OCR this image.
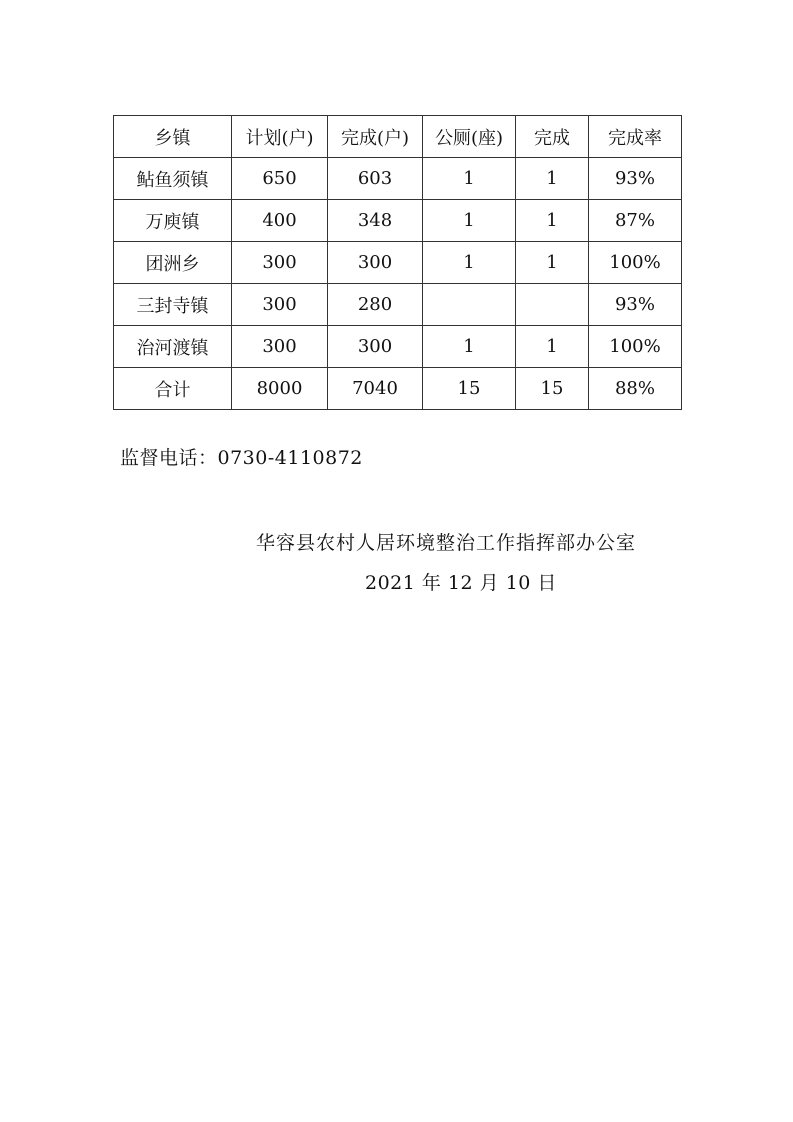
乡镇	计划(户)	完成(户)	公厕(座)	完成	完成率
鲇鱼须镇	650	603	1	1	93%
万庾镇	400	348	1	1	87%
团洲乡	300	300	1	1	100%
三封寺镇	300	280			93%
治河渡镇	300	300	1	1	100%
合计	8000	7040	15	15	88%
监督电话：0730-4110872
华容县农村人居环境整治工作指挥部办公室
2021 年 12 月 10 日
